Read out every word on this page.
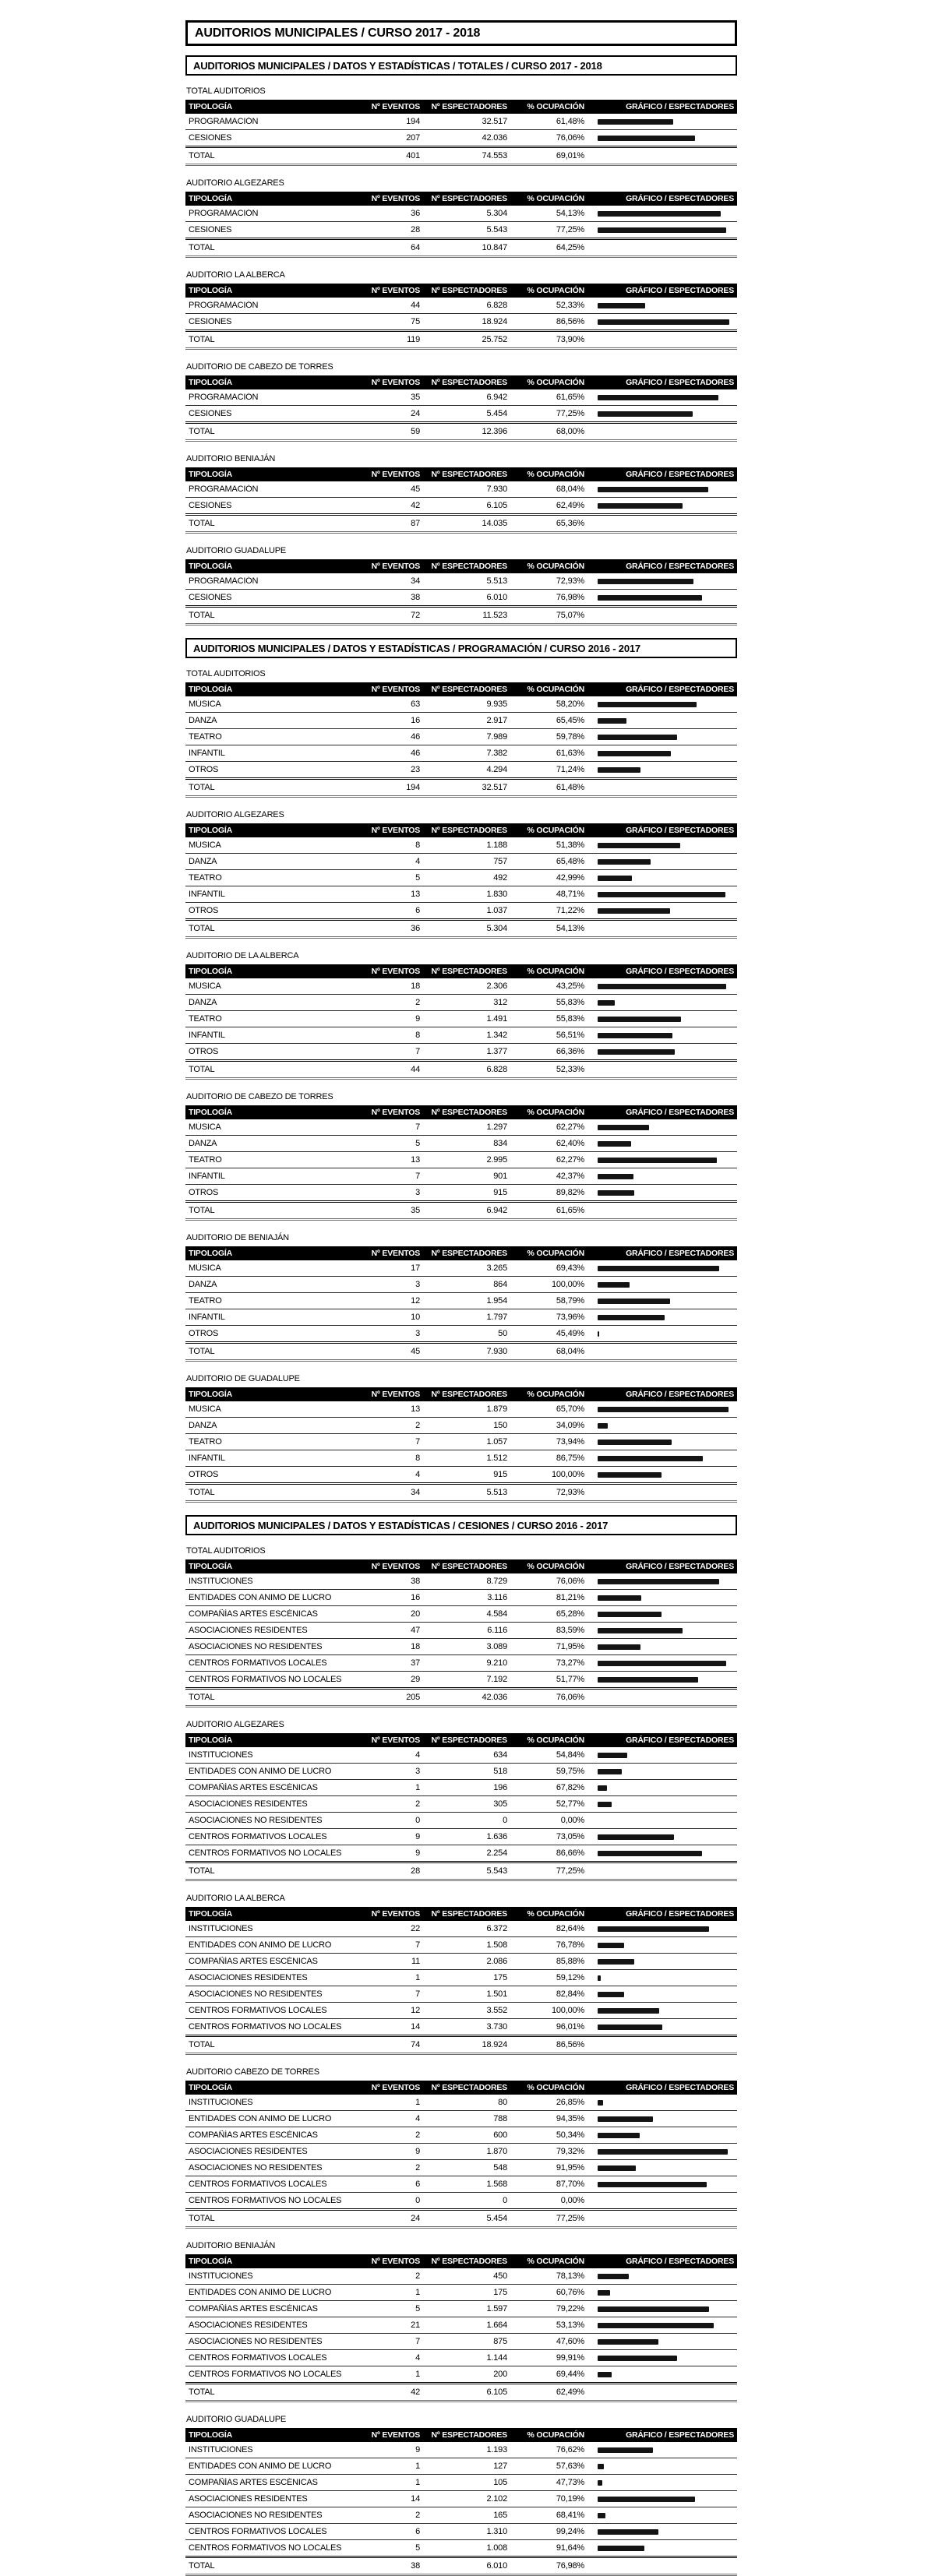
AUDITORIOS MUNICIPALES / CURSO 2017 - 2018
AUDITORIOS MUNICIPALES / DATOS Y ESTADÍSTICAS / TOTALES / CURSO 2017 - 2018
TOTAL AUDITORIOS
TIPOLOGÍA	Nº EVENTOS	Nº ESPECTADORES	% OCUPACIÓN	GRÁFICO / ESPECTADORES
PROGRAMACIÓN	194	32.517	61,48%
CESIONES	207	42.036	76,06%
TOTAL	401	74.553	69,01%
AUDITORIO ALGEZARES
TIPOLOGÍA	Nº EVENTOS	Nº ESPECTADORES	% OCUPACIÓN	GRÁFICO / ESPECTADORES
PROGRAMACIÓN	36	5.304	54,13%
CESIONES	28	5.543	77,25%
TOTAL	64	10.847	64,25%
AUDITORIO LA ALBERCA
TIPOLOGÍA	Nº EVENTOS	Nº ESPECTADORES	% OCUPACIÓN	GRÁFICO / ESPECTADORES
PROGRAMACIÓN	44	6.828	52,33%
CESIONES	75	18.924	86,56%
TOTAL	119	25.752	73,90%
AUDITORIO DE CABEZO DE TORRES
TIPOLOGÍA	Nº EVENTOS	Nº ESPECTADORES	% OCUPACIÓN	GRÁFICO / ESPECTADORES
PROGRAMACIÓN	35	6.942	61,65%
CESIONES	24	5.454	77,25%
TOTAL	59	12.396	68,00%
AUDITORIO BENIAJÁN
TIPOLOGÍA	Nº EVENTOS	Nº ESPECTADORES	% OCUPACIÓN	GRÁFICO / ESPECTADORES
PROGRAMACIÓN	45	7.930	68,04%
CESIONES	42	6.105	62,49%
TOTAL	87	14.035	65,36%
AUDITORIO GUADALUPE
TIPOLOGÍA	Nº EVENTOS	Nº ESPECTADORES	% OCUPACIÓN	GRÁFICO / ESPECTADORES
PROGRAMACIÓN	34	5.513	72,93%
CESIONES	38	6.010	76,98%
TOTAL	72	11.523	75,07%
AUDITORIOS MUNICIPALES / DATOS Y ESTADÍSTICAS / PROGRAMACIÓN / CURSO 2016 - 2017
TOTAL AUDITORIOS
TIPOLOGÍA	Nº EVENTOS	Nº ESPECTADORES	% OCUPACIÓN	GRÁFICO / ESPECTADORES
MÚSICA	63	9.935	58,20%
DANZA	16	2.917	65,45%
TEATRO	46	7.989	59,78%
INFANTIL	46	7.382	61,63%
OTROS	23	4.294	71,24%
TOTAL	194	32.517	61,48%
AUDITORIO ALGEZARES
TIPOLOGÍA	Nº EVENTOS	Nº ESPECTADORES	% OCUPACIÓN	GRÁFICO / ESPECTADORES
MÚSICA	8	1.188	51,38%
DANZA	4	757	65,48%
TEATRO	5	492	42,99%
INFANTIL	13	1.830	48,71%
OTROS	6	1.037	71,22%
TOTAL	36	5.304	54,13%
AUDITORIO DE LA ALBERCA
TIPOLOGÍA	Nº EVENTOS	Nº ESPECTADORES	% OCUPACIÓN	GRÁFICO / ESPECTADORES
MÚSICA	18	2.306	43,25%
DANZA	2	312	55,83%
TEATRO	9	1.491	55,83%
INFANTIL	8	1.342	56,51%
OTROS	7	1.377	66,36%
TOTAL	44	6.828	52,33%
AUDITORIO DE CABEZO DE TORRES
TIPOLOGÍA	Nº EVENTOS	Nº ESPECTADORES	% OCUPACIÓN	GRÁFICO / ESPECTADORES
MÚSICA	7	1.297	62,27%
DANZA	5	834	62,40%
TEATRO	13	2.995	62,27%
INFANTIL	7	901	42,37%
OTROS	3	915	89,82%
TOTAL	35	6.942	61,65%
AUDITORIO DE BENIAJÁN
TIPOLOGÍA	Nº EVENTOS	Nº ESPECTADORES	% OCUPACIÓN	GRÁFICO / ESPECTADORES
MÚSICA	17	3.265	69,43%
DANZA	3	864	100,00%
TEATRO	12	1.954	58,79%
INFANTIL	10	1.797	73,96%
OTROS	3	50	45,49%
TOTAL	45	7.930	68,04%
AUDITORIO DE GUADALUPE
TIPOLOGÍA	Nº EVENTOS	Nº ESPECTADORES	% OCUPACIÓN	GRÁFICO / ESPECTADORES
MÚSICA	13	1.879	65,70%
DANZA	2	150	34,09%
TEATRO	7	1.057	73,94%
INFANTIL	8	1.512	86,75%
OTROS	4	915	100,00%
TOTAL	34	5.513	72,93%
AUDITORIOS MUNICIPALES / DATOS Y ESTADÍSTICAS / CESIONES / CURSO 2016 - 2017
TOTAL AUDITORIOS
TIPOLOGÍA	Nº EVENTOS	Nº ESPECTADORES	% OCUPACIÓN	GRÁFICO / ESPECTADORES
INSTITUCIONES	38	8.729	76,06%
ENTIDADES CON ANIMO DE LUCRO	16	3.116	81,21%
COMPAÑÍAS ARTES ESCÉNICAS	20	4.584	65,28%
ASOCIACIONES RESIDENTES	47	6.116	83,59%
ASOCIACIONES NO RESIDENTES	18	3.089	71,95%
CENTROS FORMATIVOS LOCALES	37	9.210	73,27%
CENTROS FORMATIVOS NO LOCALES	29	7.192	51,77%
TOTAL	205	42.036	76,06%
AUDITORIO ALGEZARES
TIPOLOGÍA	Nº EVENTOS	Nº ESPECTADORES	% OCUPACIÓN	GRÁFICO / ESPECTADORES
INSTITUCIONES	4	634	54,84%
ENTIDADES CON ANIMO DE LUCRO	3	518	59,75%
COMPAÑÍAS ARTES ESCÉNICAS	1	196	67,82%
ASOCIACIONES RESIDENTES	2	305	52,77%
ASOCIACIONES NO RESIDENTES	0	0	0,00%
CENTROS FORMATIVOS LOCALES	9	1.636	73,05%
CENTROS FORMATIVOS NO LOCALES	9	2.254	86,66%
TOTAL	28	5.543	77,25%
AUDITORIO LA ALBERCA
TIPOLOGÍA	Nº EVENTOS	Nº ESPECTADORES	% OCUPACIÓN	GRÁFICO / ESPECTADORES
INSTITUCIONES	22	6.372	82,64%
ENTIDADES CON ANIMO DE LUCRO	7	1.508	76,78%
COMPAÑÍAS ARTES ESCÉNICAS	11	2.086	85,88%
ASOCIACIONES RESIDENTES	1	175	59,12%
ASOCIACIONES NO RESIDENTES	7	1.501	82,84%
CENTROS FORMATIVOS LOCALES	12	3.552	100,00%
CENTROS FORMATIVOS NO LOCALES	14	3.730	96,01%
TOTAL	74	18.924	86,56%
AUDITORIO CABEZO DE TORRES
TIPOLOGÍA	Nº EVENTOS	Nº ESPECTADORES	% OCUPACIÓN	GRÁFICO / ESPECTADORES
INSTITUCIONES	1	80	26,85%
ENTIDADES CON ANIMO DE LUCRO	4	788	94,35%
COMPAÑÍAS ARTES ESCÉNICAS	2	600	50,34%
ASOCIACIONES RESIDENTES	9	1.870	79,32%
ASOCIACIONES NO RESIDENTES	2	548	91,95%
CENTROS FORMATIVOS LOCALES	6	1.568	87,70%
CENTROS FORMATIVOS NO LOCALES	0	0	0,00%
TOTAL	24	5.454	77,25%
AUDITORIO BENIAJÁN
TIPOLOGÍA	Nº EVENTOS	Nº ESPECTADORES	% OCUPACIÓN	GRÁFICO / ESPECTADORES
INSTITUCIONES	2	450	78,13%
ENTIDADES CON ANIMO DE LUCRO	1	175	60,76%
COMPAÑÍAS ARTES ESCÉNICAS	5	1.597	79,22%
ASOCIACIONES RESIDENTES	21	1.664	53,13%
ASOCIACIONES NO RESIDENTES	7	875	47,60%
CENTROS FORMATIVOS LOCALES	4	1.144	99,91%
CENTROS FORMATIVOS NO LOCALES	1	200	69,44%
TOTAL	42	6.105	62,49%
AUDITORIO GUADALUPE
TIPOLOGÍA	Nº EVENTOS	Nº ESPECTADORES	% OCUPACIÓN	GRÁFICO / ESPECTADORES
INSTITUCIONES	9	1.193	76,62%
ENTIDADES CON ANIMO DE LUCRO	1	127	57,63%
COMPAÑÍAS ARTES ESCÉNICAS	1	105	47,73%
ASOCIACIONES RESIDENTES	14	2.102	70,19%
ASOCIACIONES NO RESIDENTES	2	165	68,41%
CENTROS FORMATIVOS LOCALES	6	1.310	99,24%
CENTROS FORMATIVOS NO LOCALES	5	1.008	91,64%
TOTAL	38	6.010	76,98%
